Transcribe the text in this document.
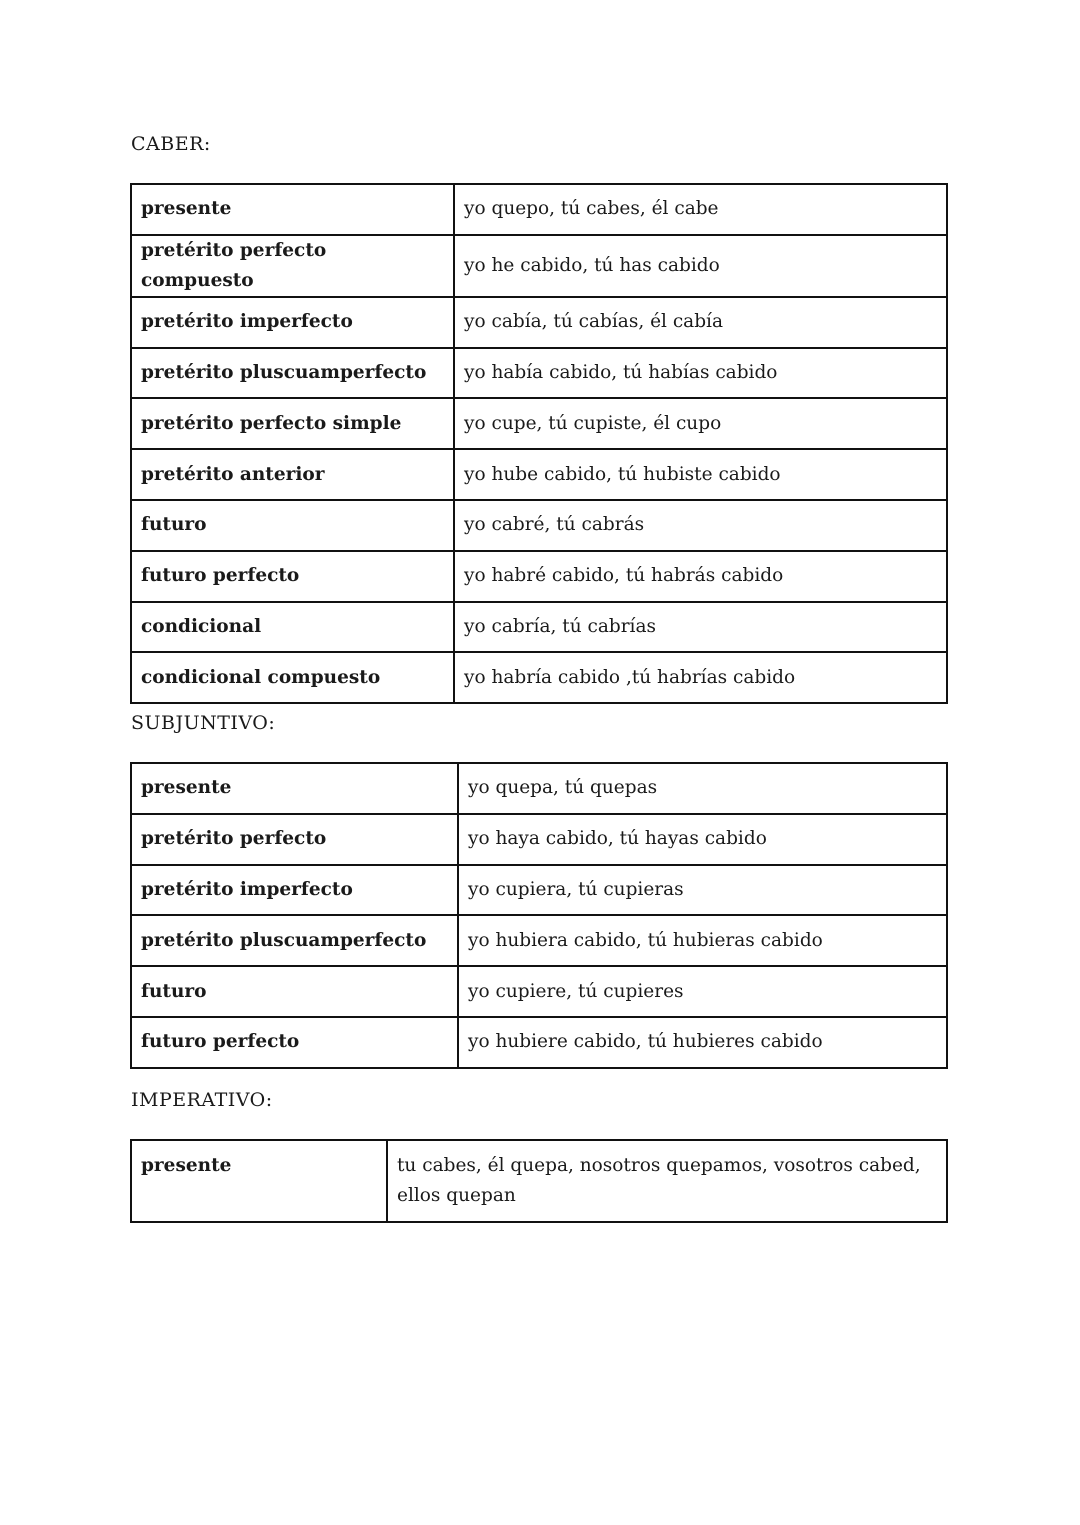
CABER:
presente	yo quepo, tú cabes, él cabe
pretérito perfecto compuesto	yo he cabido, tú has cabido
pretérito imperfecto	yo cabía, tú cabías, él cabía
pretérito pluscuamperfecto	yo había cabido, tú habías cabido
pretérito perfecto simple	yo cupe, tú cupiste, él cupo
pretérito anterior	yo hube cabido, tú hubiste cabido
futuro	yo cabré, tú cabrás
futuro perfecto	yo habré cabido, tú habrás cabido
condicional	yo cabría, tú cabrías
condicional compuesto	yo habría cabido ,tú habrías cabido
SUBJUNTIVO:
presente	yo quepa, tú quepas
pretérito perfecto	yo haya cabido, tú hayas cabido
pretérito imperfecto	yo cupiera, tú cupieras
pretérito pluscuamperfecto	yo hubiera cabido, tú hubieras cabido
futuro	yo cupiere, tú cupieres
futuro perfecto	yo hubiere cabido, tú hubieres cabido
IMPERATIVO:
presente	tu cabes, él quepa, nosotros quepamos, vosotros cabed, ellos quepan
